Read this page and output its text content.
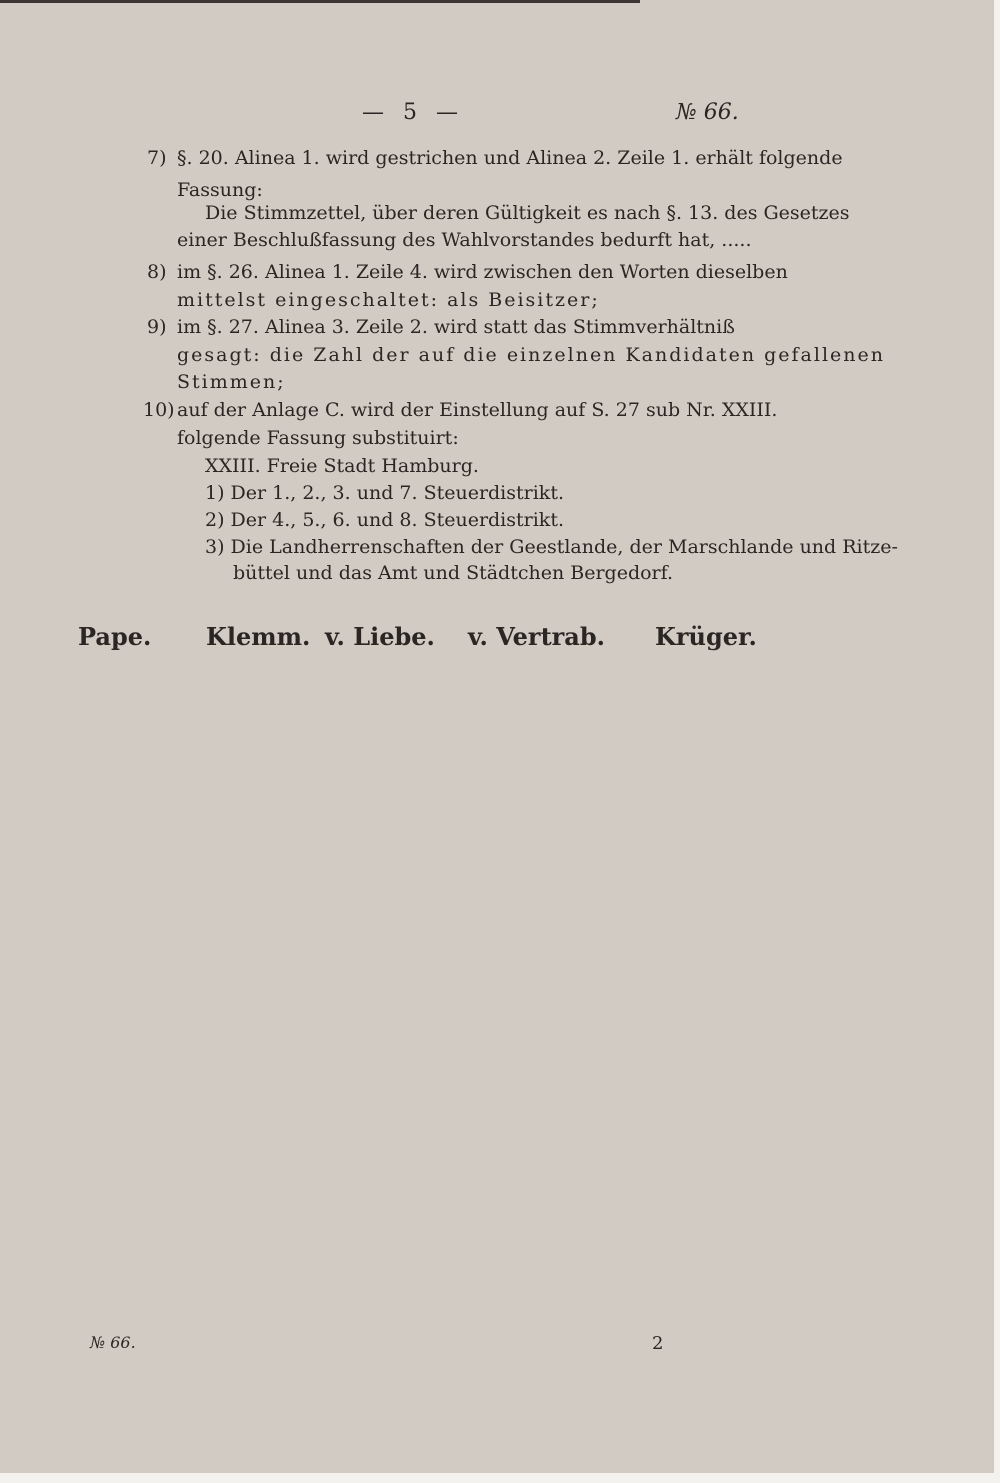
— 5 —	№ 66.
7) §. 20. Alinea 1. wird gestrichen und Alinea 2. Zeile 1. erhält folgende
Fassung:
Die Stimmzettel, über deren Gültigkeit es nach §. 13. des Gesetzes
einer Beschlußfassung des Wahlvorstandes bedurft hat, .....
8) im §. 26. Alinea 1. Zeile 4. wird zwischen den Worten dieselben
mittelst eingeschaltet: als Beisitzer;
9) im §. 27. Alinea 3. Zeile 2. wird statt das Stimmverhältniß
gesagt: die Zahl der auf die einzelnen Kandidaten gefallenen
Stimmen;
10) auf der Anlage C. wird der Einstellung auf S. 27 sub Nr. XXIII.
folgende Fassung substituirt:
XXIII. Freie Stadt Hamburg.
1) Der 1., 2., 3. und 7. Steuerdistrikt.
2) Der 4., 5., 6. und 8. Steuerdistrikt.
3) Die Landherrenschaften der Geestlande, der Marschlande und Ritze-
büttel und das Amt und Städtchen Bergedorf.
Pape. Klemm. v. Liebe. v. Vertrab. Krüger.
№ 66.	2
